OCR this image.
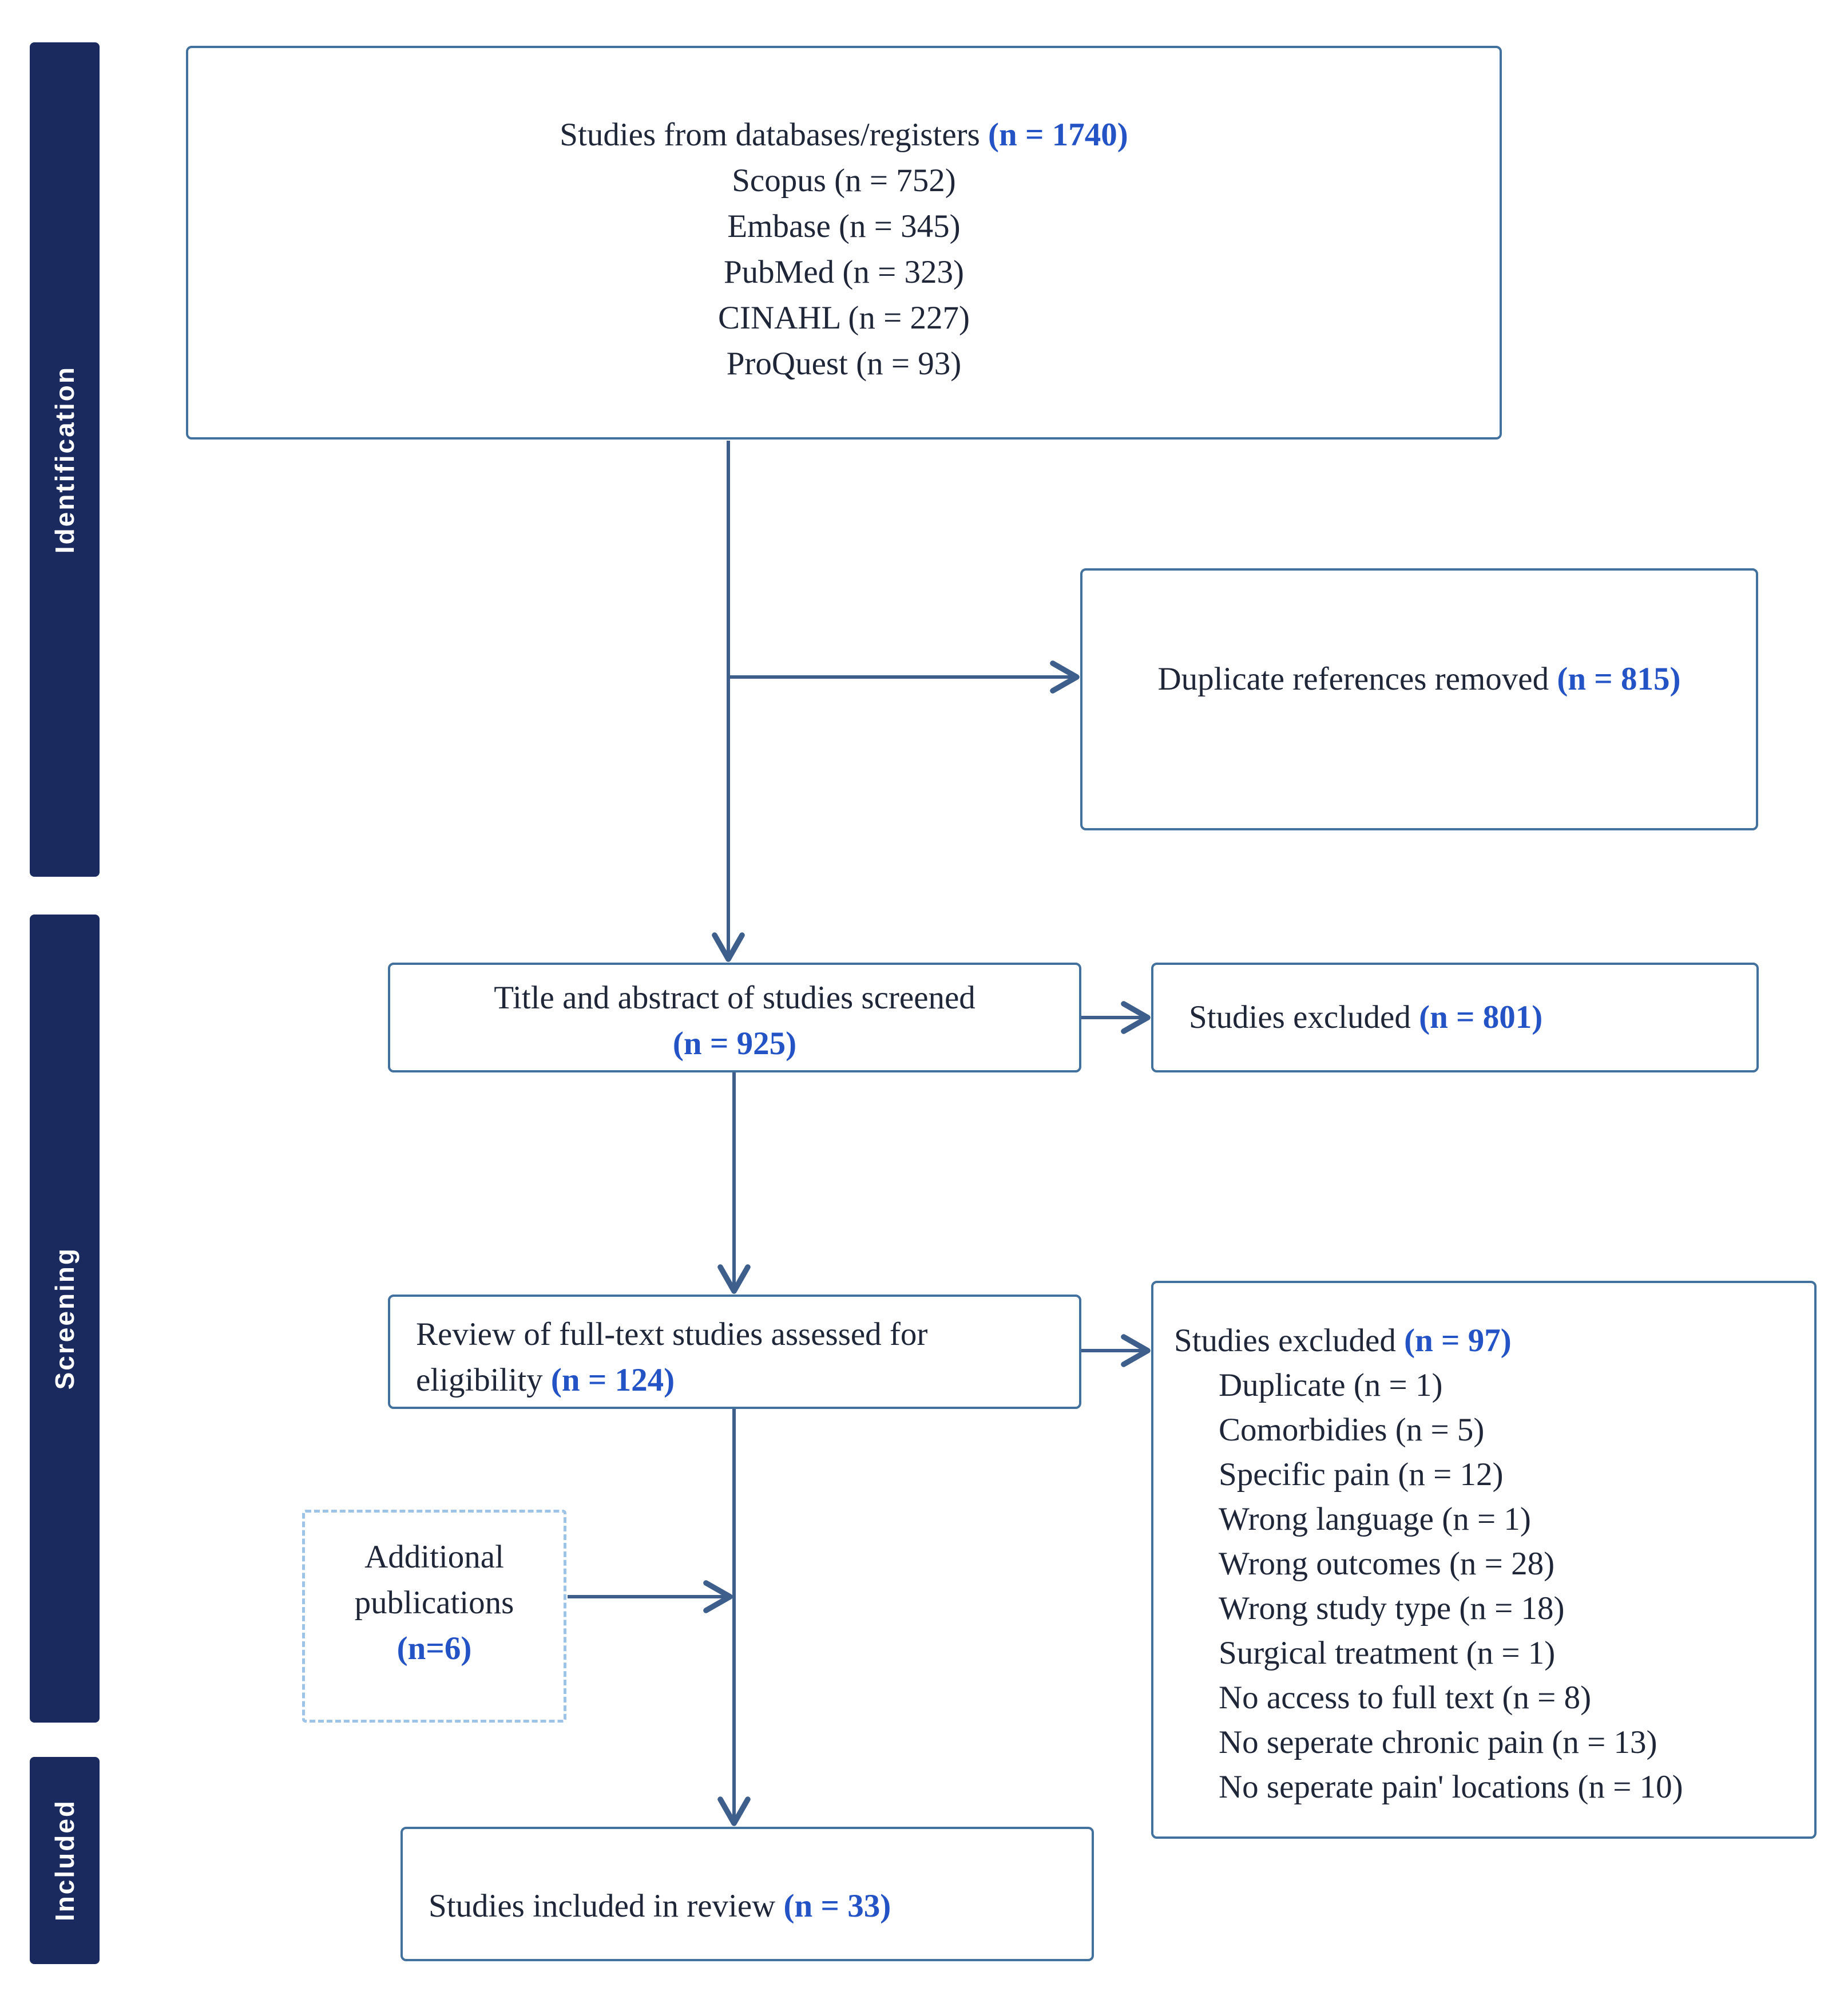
Identification
Screening
Included
Studies from databases/registers (n = 1740)
Scopus (n = 752)
Embase (n = 345)
PubMed (n = 323)
CINAHL (n = 227)
ProQuest (n = 93)
Duplicate references removed (n = 815)
Title and abstract of studies screened
(n = 925)
Studies excluded (n = 801)
Review of full-text studies assessed for
eligibility (n = 124)
Studies excluded (n = 97)
Duplicate (n = 1)
Comorbidies (n = 5)
Specific pain (n = 12)
Wrong language (n = 1)
Wrong outcomes (n = 28)
Wrong study type (n = 18)
Surgical treatment (n = 1)
No access to full text (n = 8)
No seperate chronic pain (n = 13)
No seperate pain' locations (n = 10)
Additional
publications
(n=6)
Studies included in review (n = 33)
